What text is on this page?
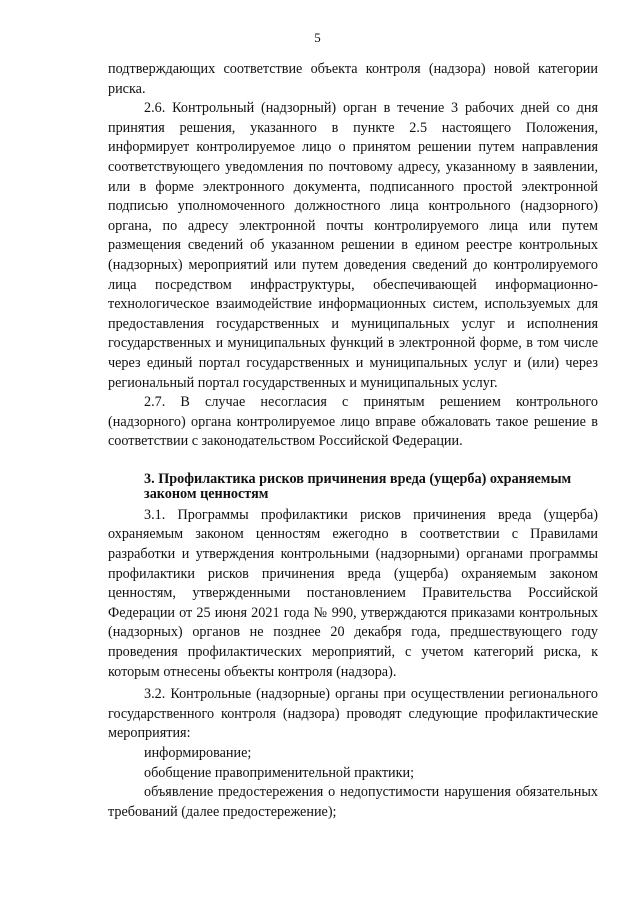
5

подтверждающих соответствие объекта контроля (надзора) новой категории риска.

2.6. Контрольный (надзорный) орган в течение 3 рабочих дней со дня принятия решения, указанного в пункте 2.5 настоящего Положения, информирует контролируемое лицо о принятом решении путем направления соответствующего уведомления по почтовому адресу, указанному в заявлении, или в форме электронного документа, подписанного простой электронной подписью уполномоченного должностного лица контрольного (надзорного) органа, по адресу электронной почты контролируемого лица или путем размещения сведений об указанном решении в едином реестре контрольных (надзорных) мероприятий или путем доведения сведений до контролируемого лица посредством инфраструктуры, обеспечивающей информационно-технологическое взаимодействие информационных систем, используемых для предоставления государственных и муниципальных услуг и исполнения государственных и муниципальных функций в электронной форме, в том числе через единый портал государственных и муниципальных услуг и (или) через региональный портал государственных и муниципальных услуг.

2.7. В случае несогласия с принятым решением контрольного (надзорного) органа контролируемое лицо вправе обжаловать такое решение в соответствии с законодательством Российской Федерации.

3. Профилактика рисков причинения вреда (ущерба) охраняемым законом ценностям

3.1. Программы профилактики рисков причинения вреда (ущерба) охраняемым законом ценностям ежегодно в соответствии с Правилами разработки и утверждения контрольными (надзорными) органами программы профилактики рисков причинения вреда (ущерба) охраняемым законом ценностям, утвержденными постановлением Правительства Российской Федерации от 25 июня 2021 года № 990, утверждаются приказами контрольных (надзорных) органов не позднее 20 декабря года, предшествующего году проведения профилактических мероприятий, с учетом категорий риска, к которым отнесены объекты контроля (надзора).

3.2. Контрольные (надзорные) органы при осуществлении регионального государственного контроля (надзора) проводят следующие профилактические мероприятия:

информирование;

обобщение правоприменительной практики;

объявление предостережения о недопустимости нарушения обязательных требований (далее предостережение);
